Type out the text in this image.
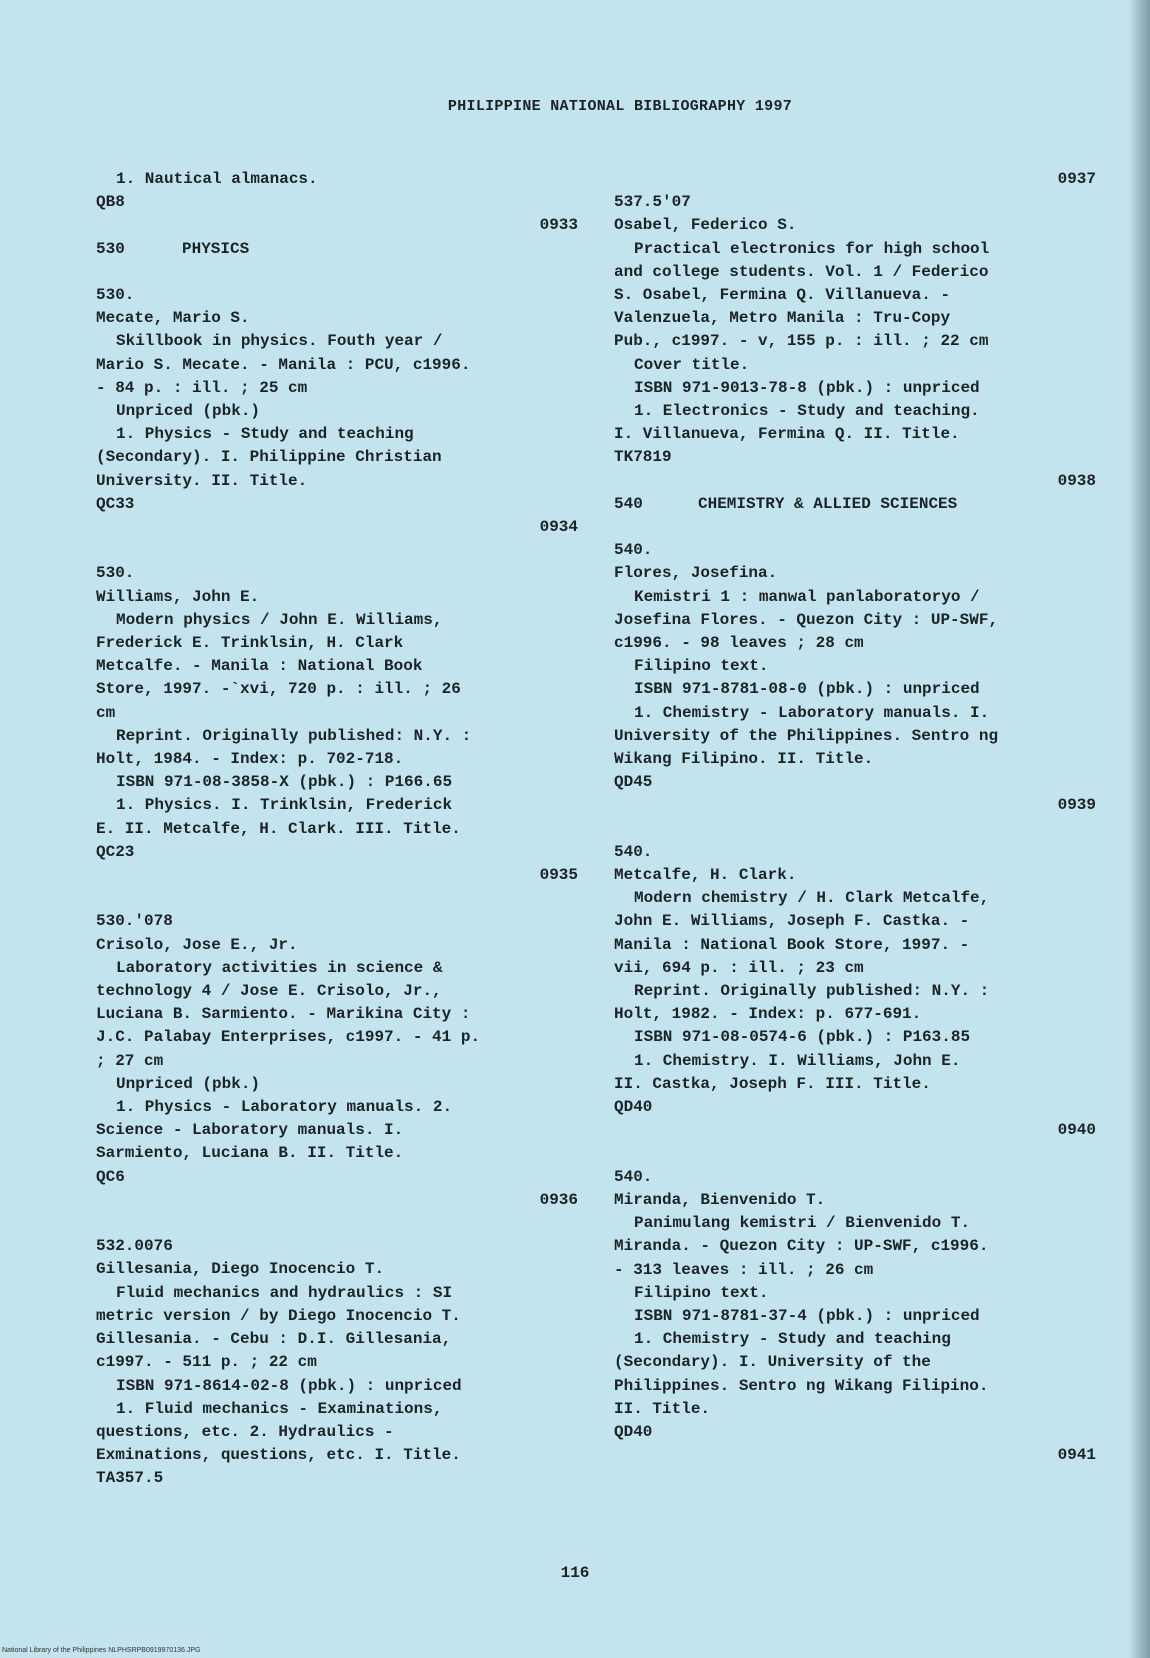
PHILIPPINE NATIONAL BIBLIOGRAPHY 1997
1. Nautical almanacs.
QB8
0933
530	PHYSICS
530.
Mecate, Mario S.
Skillbook in physics. Fouth year /
Mario S. Mecate. - Manila : PCU, c1996.
- 84 p. : ill. ; 25 cm
Unpriced (pbk.)
1. Physics - Study and teaching
(Secondary). I. Philippine Christian
University. II. Title.
QC33
0934
530.
Williams, John E.
Modern physics / John E. Williams,
Frederick E. Trinklsin, H. Clark
Metcalfe. - Manila : National Book
Store, 1997. -`xvi, 720 p. : ill. ; 26
cm
Reprint. Originally published: N.Y. :
Holt, 1984. - Index: p. 702-718.
ISBN 971-08-3858-X (pbk.) : P166.65
1. Physics. I. Trinklsin, Frederick
E. II. Metcalfe, H. Clark. III. Title.
QC23
0935
530.'078
Crisolo, Jose E., Jr.
Laboratory activities in science &
technology 4 / Jose E. Crisolo, Jr.,
Luciana B. Sarmiento. - Marikina City :
J.C. Palabay Enterprises, c1997. - 41 p.
; 27 cm
Unpriced (pbk.)
1. Physics - Laboratory manuals. 2.
Science - Laboratory manuals. I.
Sarmiento, Luciana B. II. Title.
QC6
0936
532.0076
Gillesania, Diego Inocencio T.
Fluid mechanics and hydraulics : SI
metric version / by Diego Inocencio T.
Gillesania. - Cebu : D.I. Gillesania,
c1997. - 511 p. ; 22 cm
ISBN 971-8614-02-8 (pbk.) : unpriced
1. Fluid mechanics - Examinations,
questions, etc. 2. Hydraulics -
Exminations, questions, etc. I. Title.
TA357.5
0937
537.5'07
Osabel, Federico S.
Practical electronics for high school
and college students. Vol. 1 / Federico
S. Osabel, Fermina Q. Villanueva. -
Valenzuela, Metro Manila : Tru-Copy
Pub., c1997. - v, 155 p. : ill. ; 22 cm
Cover title.
ISBN 971-9013-78-8 (pbk.) : unpriced
1. Electronics - Study and teaching.
I. Villanueva, Fermina Q. II. Title.
TK7819
0938
540	CHEMISTRY & ALLIED SCIENCES
540.
Flores, Josefina.
Kemistri 1 : manwal panlaboratoryo /
Josefina Flores. - Quezon City : UP-SWF,
c1996. - 98 leaves ; 28 cm
Filipino text.
ISBN 971-8781-08-0 (pbk.) : unpriced
1. Chemistry - Laboratory manuals. I.
University of the Philippines. Sentro ng
Wikang Filipino. II. Title.
QD45
0939
540.
Metcalfe, H. Clark.
Modern chemistry / H. Clark Metcalfe,
John E. Williams, Joseph F. Castka. -
Manila : National Book Store, 1997. -
vii, 694 p. : ill. ; 23 cm
Reprint. Originally published: N.Y. :
Holt, 1982. - Index: p. 677-691.
ISBN 971-08-0574-6 (pbk.) : P163.85
1. Chemistry. I. Williams, John E.
II. Castka, Joseph F. III. Title.
QD40
0940
540.
Miranda, Bienvenido T.
Panimulang kemistri / Bienvenido T.
Miranda. - Quezon City : UP-SWF, c1996.
- 313 leaves : ill. ; 26 cm
Filipino text.
ISBN 971-8781-37-4 (pbk.) : unpriced
1. Chemistry - Study and teaching
(Secondary). I. University of the
Philippines. Sentro ng Wikang Filipino.
II. Title.
QD40
0941
116
National Library of the Philippines NLPHSRPB0919970136.JPG
